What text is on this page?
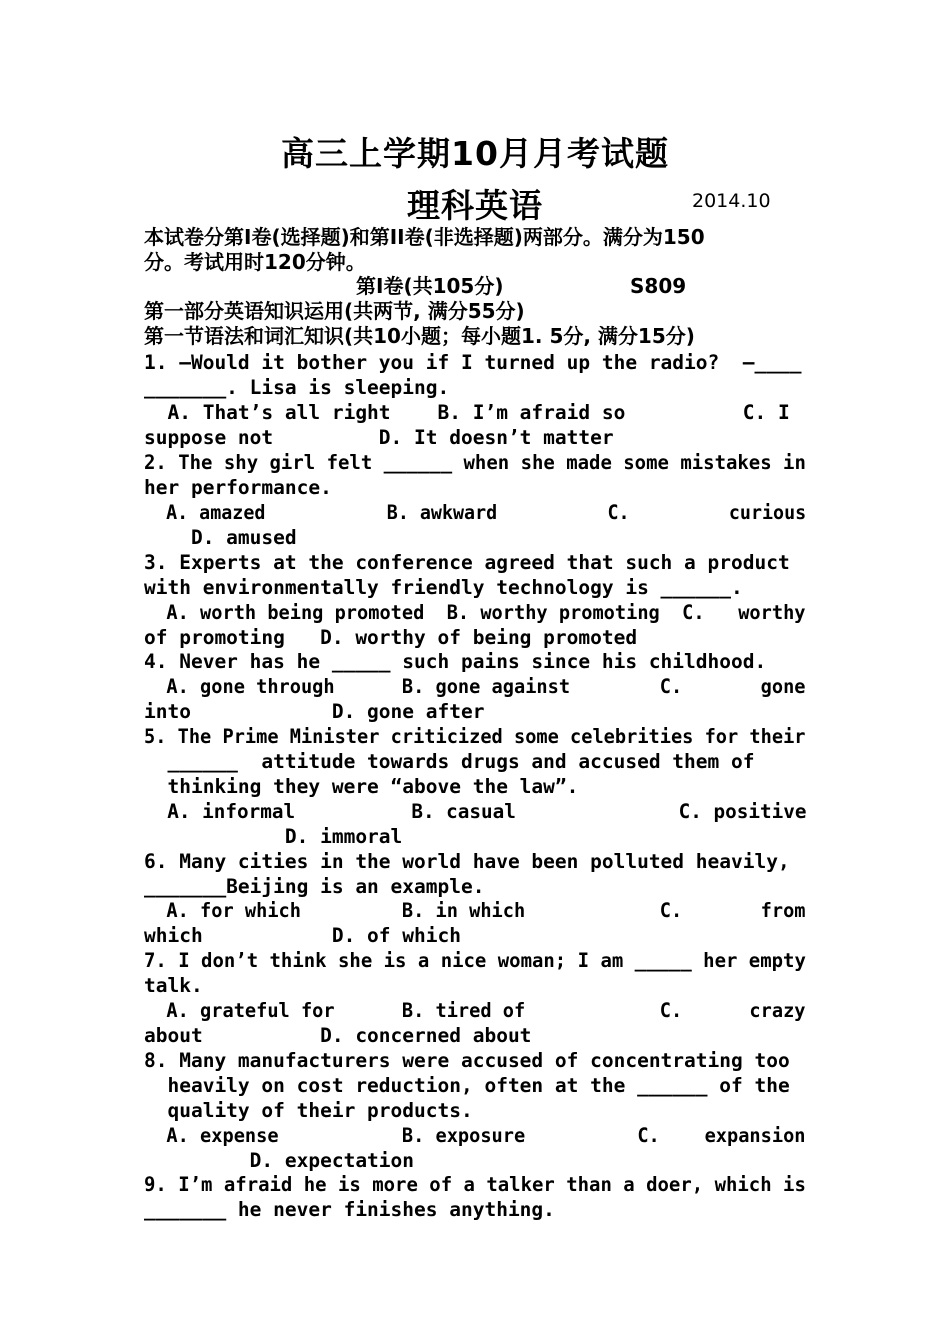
高三上学期10月月考试题
理科英语	2014.10
本试卷分第Ⅰ卷(选择题)和第ⅠⅠ卷(非选择题)两部分。满分为150
分。考试用时120分钟。
第Ⅰ卷(共105分)	S809
第一部分英语知识运用(共两节, 满分55分)
第一节语法和词汇知识(共10小题；每小题1. 5分, 满分15分)
1. —Would it bother you if I turned up the radio?  —____
_______. Lisa is sleeping.
A. That’s all right    B. I’m afraid so          C. I
suppose not         D. It doesn’t matter
2. The shy girl felt ______ when she made some mistakes in
her performance.
A. amazed           B. awkward          C.         curious
D. amused
3. Experts at the conference agreed that such a product
with environmentally friendly technology is ______.
A. worth being promoted  B. worthy promoting  C.   worthy
of promoting   D. worthy of being promoted
4. Never has he _____ such pains since his childhood.
A. gone through      B. gone against        C.       gone
into            D. gone after
5. The Prime Minister criticized some celebrities for their
______  attitude towards drugs and accused them of
thinking they were “above the law”.
A. informal          B. casual              C. positive
D. immoral
6. Many cities in the world have been polluted heavily,
_______Beijing is an example.
A. for which         B. in which            C.       from
which           D. of which
7. I don’t think she is a nice woman; I am _____ her empty
talk.
A. grateful for      B. tired of            C.      crazy
about          D. concerned about
8. Many manufacturers were accused of concentrating too
heavily on cost reduction, often at the ______ of the
quality of their products.
A. expense           B. exposure          C.    expansion
D. expectation
9. I’m afraid he is more of a talker than a doer, which is
_______ he never finishes anything.
